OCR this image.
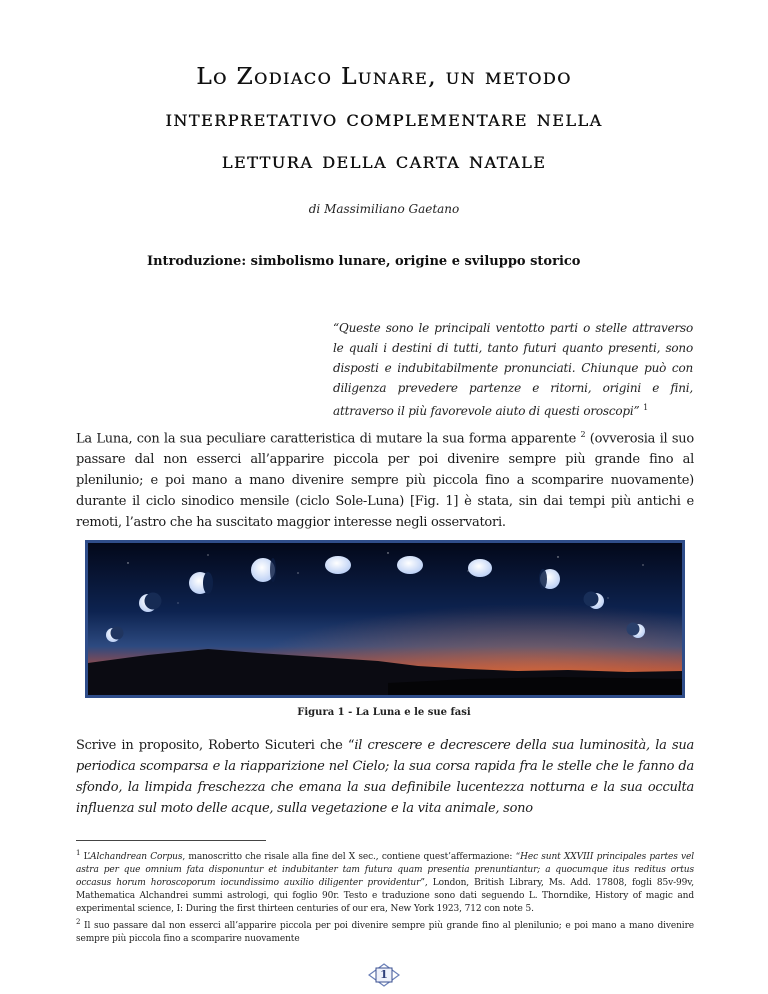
Lo Zodiaco Lunare, un metodo
interpretativo complementare nella
lettura della carta natale
di Massimiliano Gaetano
Introduzione: simbolismo lunare, origine e sviluppo storico
“Queste sono le principali ventotto parti o stelle attraverso le quali i destini di tutti, tanto futuri quanto presenti, sono disposti e indubitabilmente pronunciati. Chiunque può con diligenza prevedere partenze e ritorni, origini e fini, attraverso il più favorevole aiuto di questi oroscopi” $^1$
La Luna, con la sua peculiare caratteristica di mutare la sua forma apparente $^2$ (ovverosia il suo passare dal non esserci all’apparire piccola per poi divenire sempre più grande fino al plenilunio; e poi mano a mano divenire sempre più piccola fino a scomparire nuovamente) durante il ciclo sinodico mensile (ciclo Sole-Luna) [Fig. 1] è stata, sin dai tempi più antichi e remoti, l’astro che ha suscitato maggior interesse negli osservatori.
Figura 1 - La Luna e le sue fasi
Scrive in proposito, Roberto Sicuteri che “il crescere e decrescere della sua luminosità, la sua periodica scomparsa e la riapparizione nel Cielo; la sua corsa rapida fra le stelle che le fanno da sfondo, la limpida freschezza che emana la sua definibile lucentezza notturna e la sua occulta influenza sul moto delle acque, sulla vegetazione e la vita animale, sono

$^1$ L’Alchandrean Corpus, manoscritto che risale alla fine del X sec., contiene quest’affermazione: “Hec sunt XXVIII principales partes vel astra per que omnium fata disponuntur et indubitanter tam futura quam presentia prenuntiantur; a quocumque itus reditus ortus occasus horum horoscoporum iocundissimo auxilio diligenter providentur”, London, British Library, Ms. Add. 17808, fogli 85v-99v, Mathematica Alchandrei summi astrologi, qui foglio 90r. Testo e traduzione sono dati seguendo L. Thorndike, History of magic and experimental science, I: During the first thirteen centuries of our era, New York 1923, 712 con note 5.

$^2$ Il suo passare dal non esserci all’apparire piccola per poi divenire sempre più grande fino al plenilunio; e poi mano a mano divenire sempre più piccola fino a scomparire nuovamente

1
